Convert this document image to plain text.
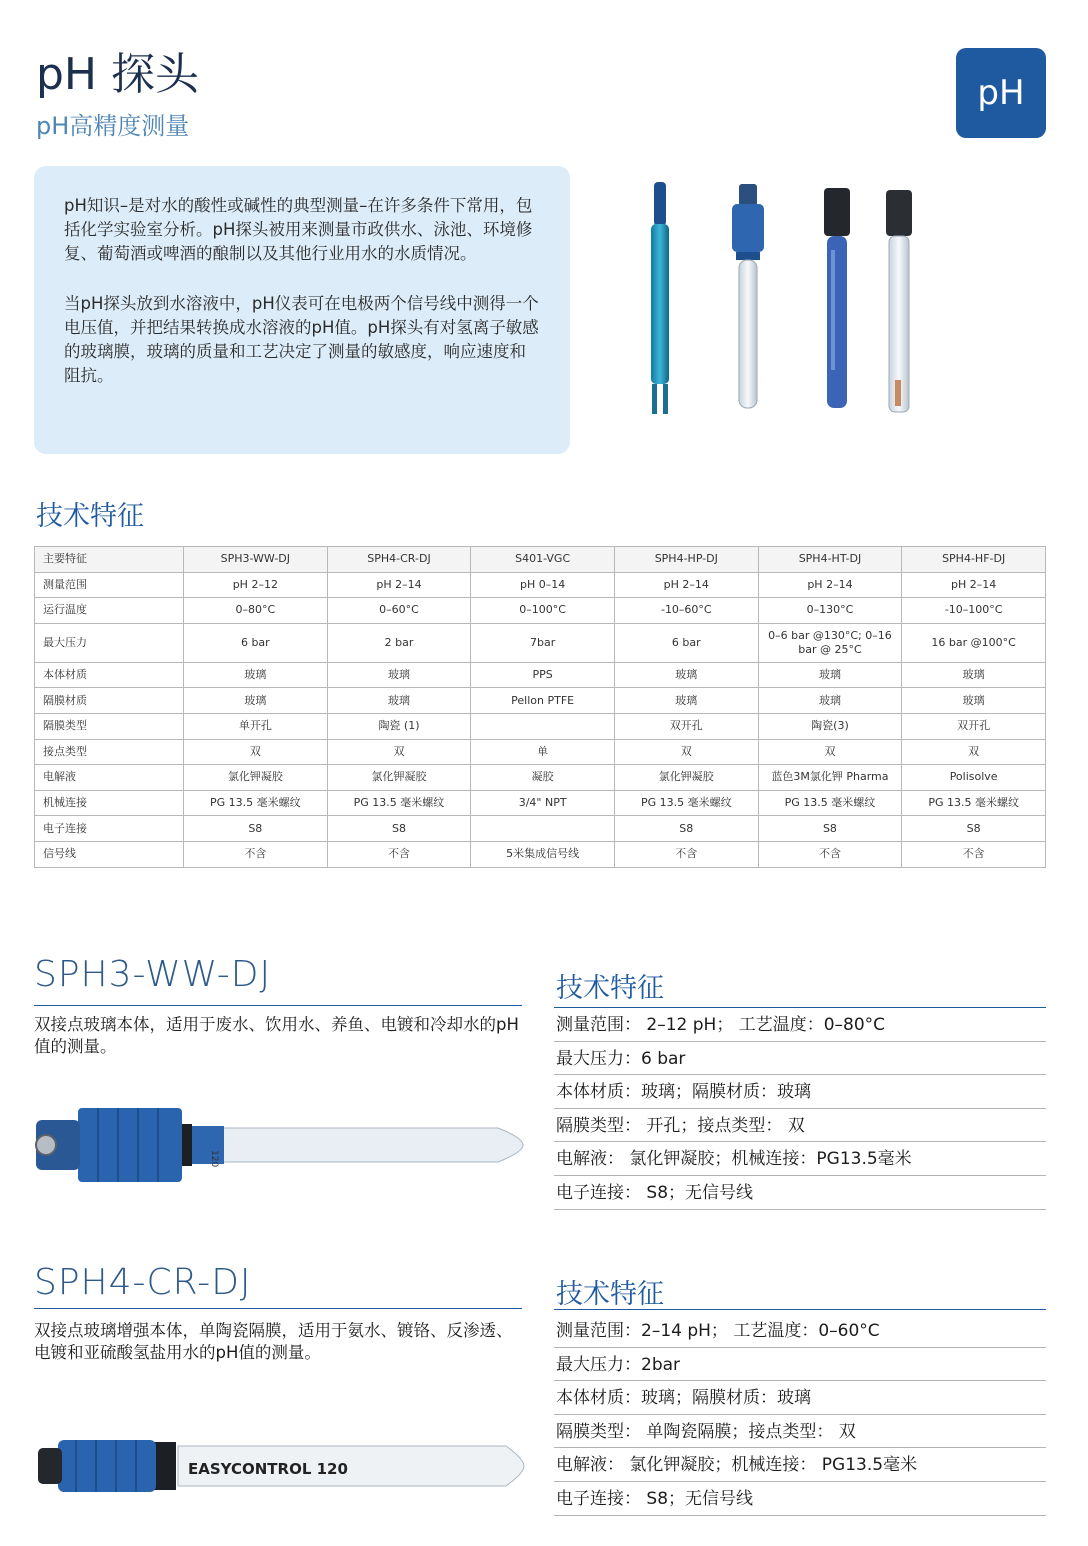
pH 探头
pH高精度测量
pH

pH知识–是对水的酸性或碱性的典型测量–在许多条件下常用，包括化学实验室分析。pH探头被用来测量市政供水、泳池、环境修复、葡萄酒或啤酒的酿制以及其他行业用水的水质情况。

当pH探头放到水溶液中，pH仪表可在电极两个信号线中测得一个电压值，并把结果转换成水溶液的pH值。pH探头有对氢离子敏感的玻璃膜，玻璃的质量和工艺决定了测量的敏感度，响应速度和阻抗。

技术特征
主要特征	SPH3-WW-DJ	SPH4-CR-DJ	S401-VGC	SPH4-HP-DJ	SPH4-HT-DJ	SPH4-HF-DJ
测量范围	pH 2–12	pH 2–14	pH 0–14	pH 2–14	pH 2–14	pH 2–14
运行温度	0–80°C	0–60°C	0–100°C	-10–60°C	0–130°C	-10–100°C
最大压力	6 bar	2 bar	7bar	6 bar	0–6 bar @130°C; 0–16 bar @ 25°C	16 bar @100°C
本体材质	玻璃	玻璃	PPS	玻璃	玻璃	玻璃
隔膜材质	玻璃	玻璃	Pellon PTFE	玻璃	玻璃	玻璃
隔膜类型	单开孔	陶瓷 (1)		双开孔	陶瓷(3)	双开孔
接点类型	双	双	单	双	双	双
电解液	氯化钾凝胶	氯化钾凝胶	凝胶	氯化钾凝胶	蓝色3M氯化钾 Pharma	Polisolve
机械连接	PG 13.5 毫米螺纹	PG 13.5 毫米螺纹	3/4" NPT	PG 13.5 毫米螺纹	PG 13.5 毫米螺纹	PG 13.5 毫米螺纹
电子连接	S8	S8		S8	S8	S8
信号线	不含	不含	5米集成信号线	不含	不含	不含
SPH3-WW-DJ
双接点玻璃本体，适用于废水、饮用水、养鱼、电镀和冷却水的pH值的测量。
120
技术特征
测量范围： 2–12 pH； 工艺温度：0–80°C
最大压力：6 bar
本体材质：玻璃；隔膜材质：玻璃
隔膜类型： 开孔；接点类型： 双
电解液： 氯化钾凝胶；机械连接：PG13.5毫米
电子连接： S8；无信号线
SPH4-CR-DJ
双接点玻璃增强本体，单陶瓷隔膜，适用于氨水、镀铬、反渗透、电镀和亚硫酸氢盐用水的pH值的测量。
EASYCONTROL 120
技术特征
测量范围：2–14 pH； 工艺温度：0–60°C
最大压力：2bar
本体材质：玻璃；隔膜材质：玻璃
隔膜类型： 单陶瓷隔膜；接点类型： 双
电解液： 氯化钾凝胶；机械连接： PG13.5毫米
电子连接： S8；无信号线
